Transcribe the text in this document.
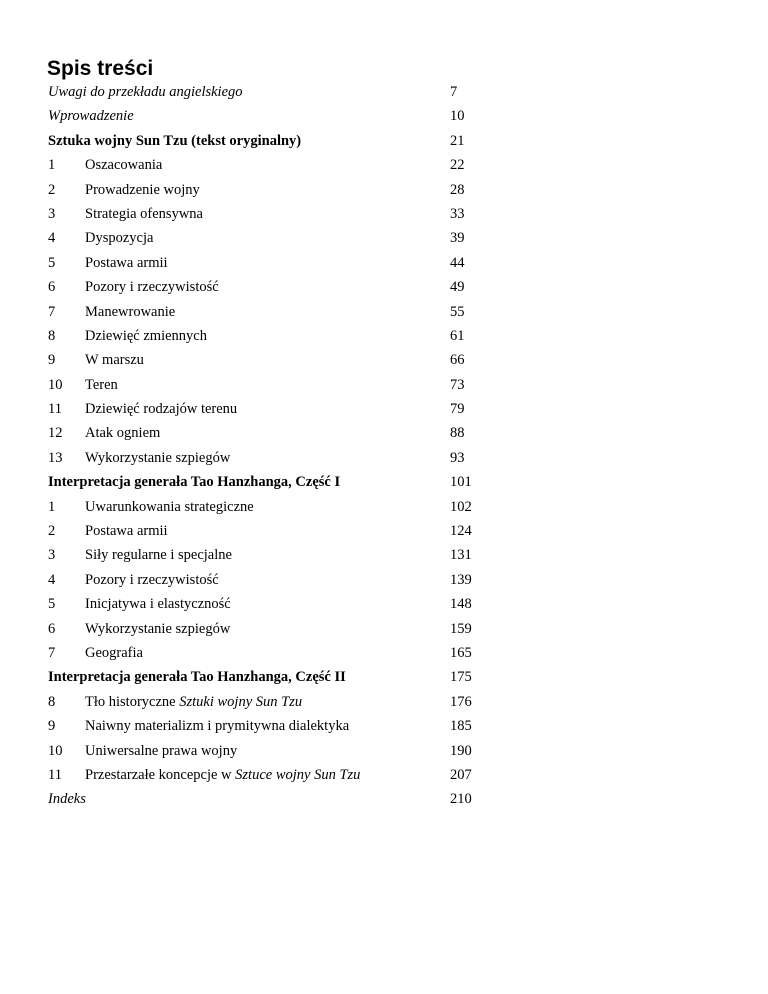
Spis treści
Uwagi do przekładu angielskiego	7
Wprowadzenie	10
Sztuka wojny Sun Tzu (tekst oryginalny)	21
1 Oszacowania	22
2 Prowadzenie wojny	28
3 Strategia ofensywna	33
4 Dyspozycja	39
5 Postawa armii	44
6 Pozory i rzeczywistość	49
7 Manewrowanie	55
8 Dziewięć zmiennych	61
9 W marszu	66
10 Teren	73
11 Dziewięć rodzajów terenu	79
12 Atak ogniem	88
13 Wykorzystanie szpiegów	93
Interpretacja generała Tao Hanzhanga, Część I	101
1 Uwarunkowania strategiczne	102
2 Postawa armii	124
3 Siły regularne i specjalne	131
4 Pozory i rzeczywistość	139
5 Inicjatywa i elastyczność	148
6 Wykorzystanie szpiegów	159
7 Geografia	165
Interpretacja generała Tao Hanzhanga, Część II	175
8 Tło historyczne Sztuki wojny Sun Tzu	176
9 Naiwny materializm i prymitywna dialektyka	185
10 Uniwersalne prawa wojny	190
11 Przestarzałe koncepcje w Sztuce wojny Sun Tzu	207
Indeks	210
